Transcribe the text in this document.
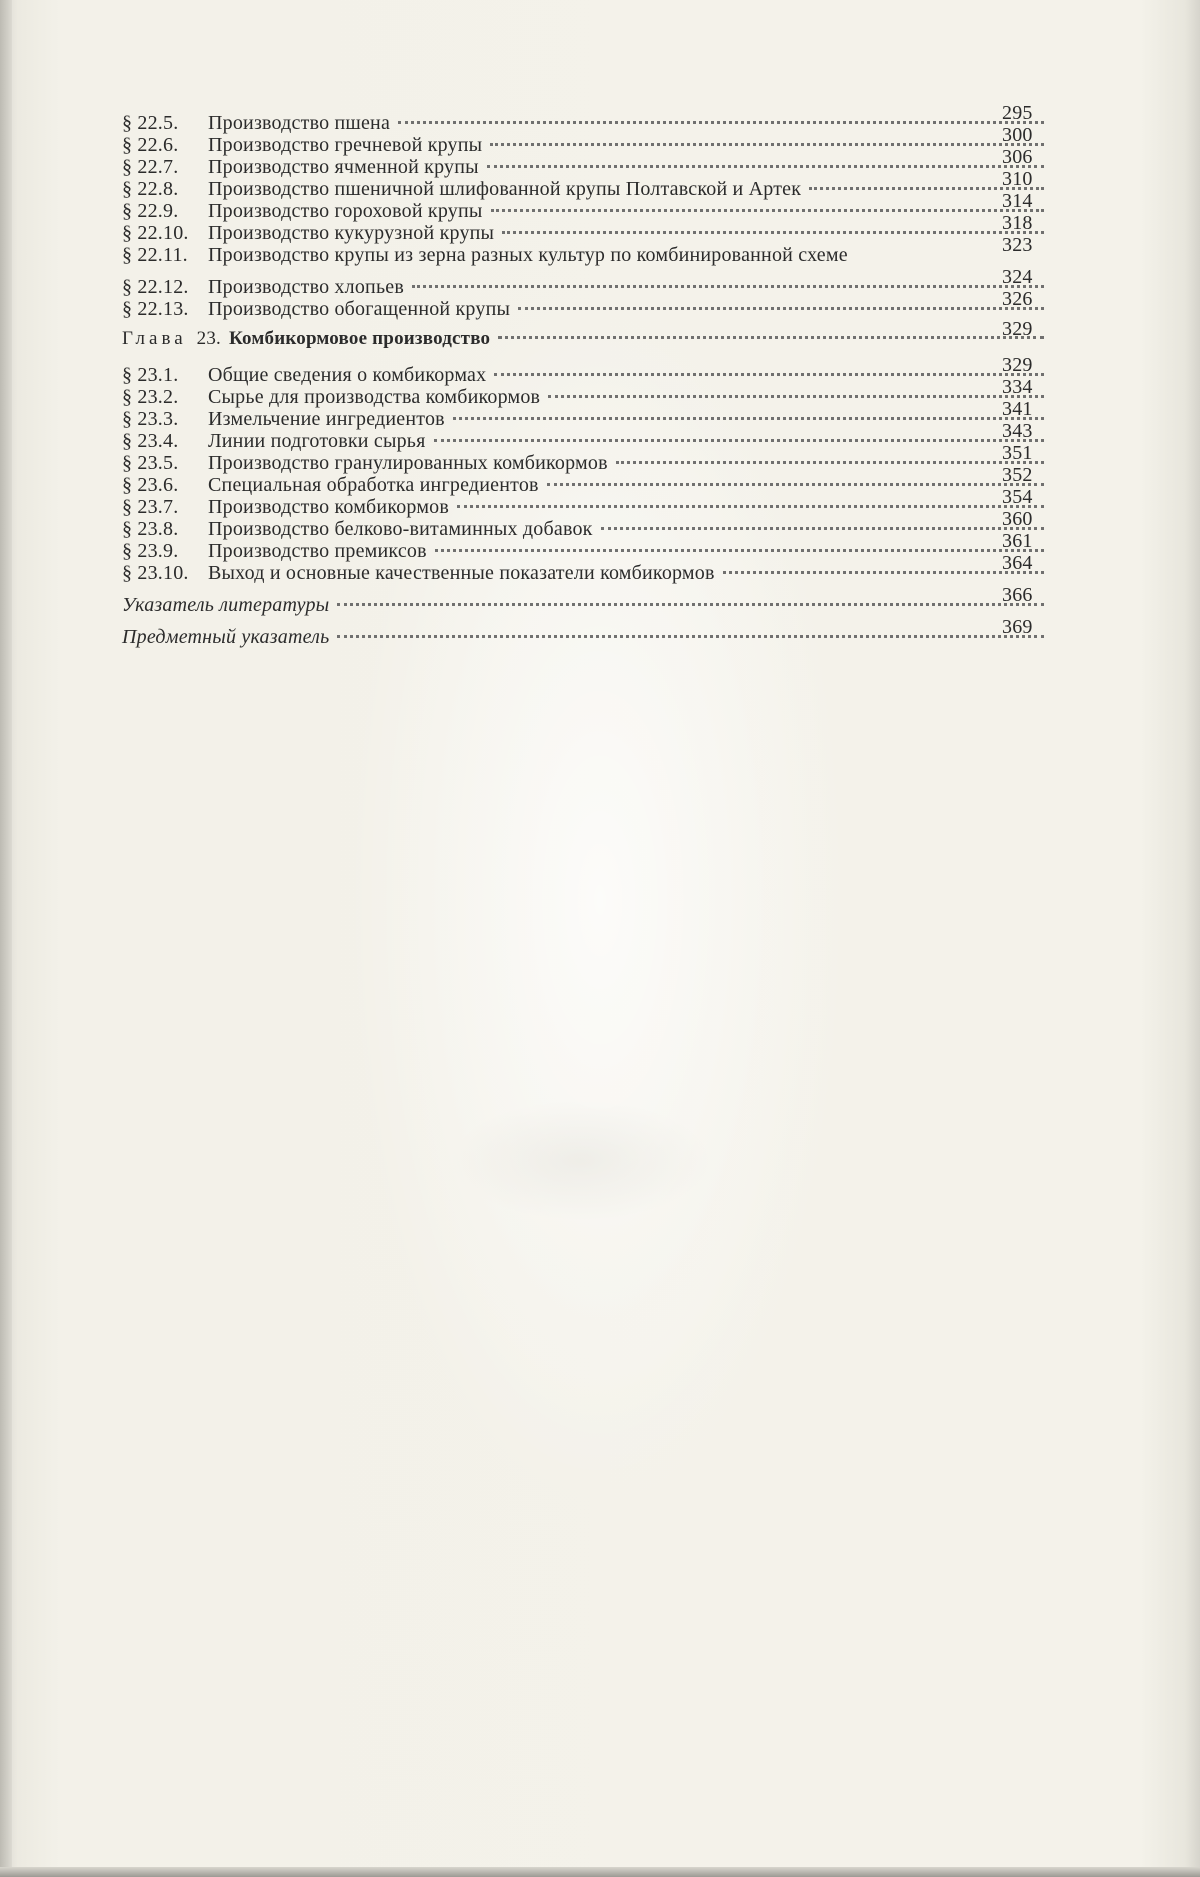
§ 22.5.	Производство пшена	295
§ 22.6.	Производство гречневой крупы	300
§ 22.7.	Производство ячменной крупы	306
§ 22.8.	Производство пшеничной шлифованной крупы Полтавской и Артек	310
§ 22.9.	Производство гороховой крупы	314
§ 22.10. Производство кукурузной крупы	318
§ 22.11.	Производство крупы из зерна разных культур по комбинированной схеме	323
§ 22.12. Производство хлопьев	324
§ 22.13. Производство обогащенной крупы	326
Глава 23. Комбикормовое производство	329
§ 23.1.	Общие сведения о комбикормах	329
§ 23.2.	Сырье для производства комбикормов	334
§ 23.3.	Измельчение ингредиентов	341
§ 23.4.	Линии подготовки сырья	343
§ 23.5.	Производство гранулированных комбикормов	351
§ 23.6.	Специальная обработка ингредиентов	352
§ 23.7.	Производство комбикормов	354
§ 23.8.	Производство белково-витаминных добавок	360
§ 23.9.	Производство премиксов	361
§ 23.10. Выход и основные качественные показатели комбикормов	364
Указатель литературы	366
Предметный указатель	369
